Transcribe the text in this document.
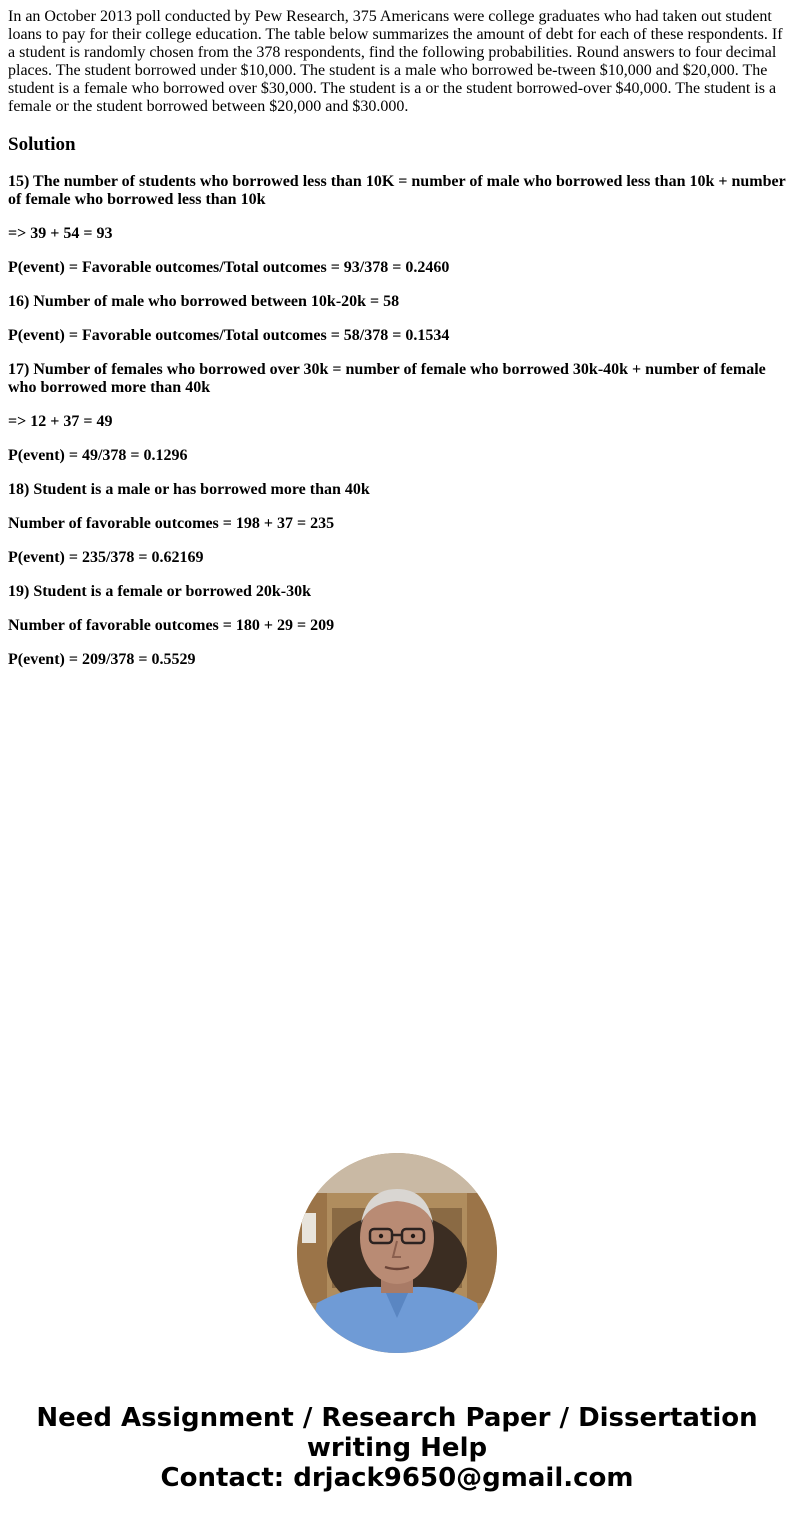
In an October 2013 poll conducted by Pew Research, 375 Americans were college graduates who had taken out student loans to pay for their college education. The table below summarizes the amount of debt for each of these respondents. If a student is randomly chosen from the 378 respondents, find the following probabilities. Round answers to four decimal places. The student borrowed under $10,000. The student is a male who borrowed be-tween $10,000 and $20,000. The student is a female who borrowed over $30,000. The student is a or the student borrowed-over $40,000. The student is a female or the student borrowed between $20,000 and $30.000.

Solution

15) The number of students who borrowed less than 10K = number of male who borrowed less than 10k + number of female who borrowed less than 10k

=> 39 + 54 = 93

P(event) = Favorable outcomes/Total outcomes = 93/378 = 0.2460

16) Number of male who borrowed between 10k-20k = 58

P(event) = Favorable outcomes/Total outcomes = 58/378 = 0.1534

17) Number of females who borrowed over 30k = number of female who borrowed 30k-40k + number of female who borrowed more than 40k

=> 12 + 37 = 49

P(event) = 49/378 = 0.1296

18) Student is a male or has borrowed more than 40k

Number of favorable outcomes = 198 + 37 = 235

P(event) = 235/378 = 0.62169

19) Student is a female or borrowed 20k-30k

Number of favorable outcomes = 180 + 29 = 209

P(event) = 209/378 = 0.5529

Need Assignment / Research Paper / Dissertation
writing Help
Contact: drjack9650@gmail.com
